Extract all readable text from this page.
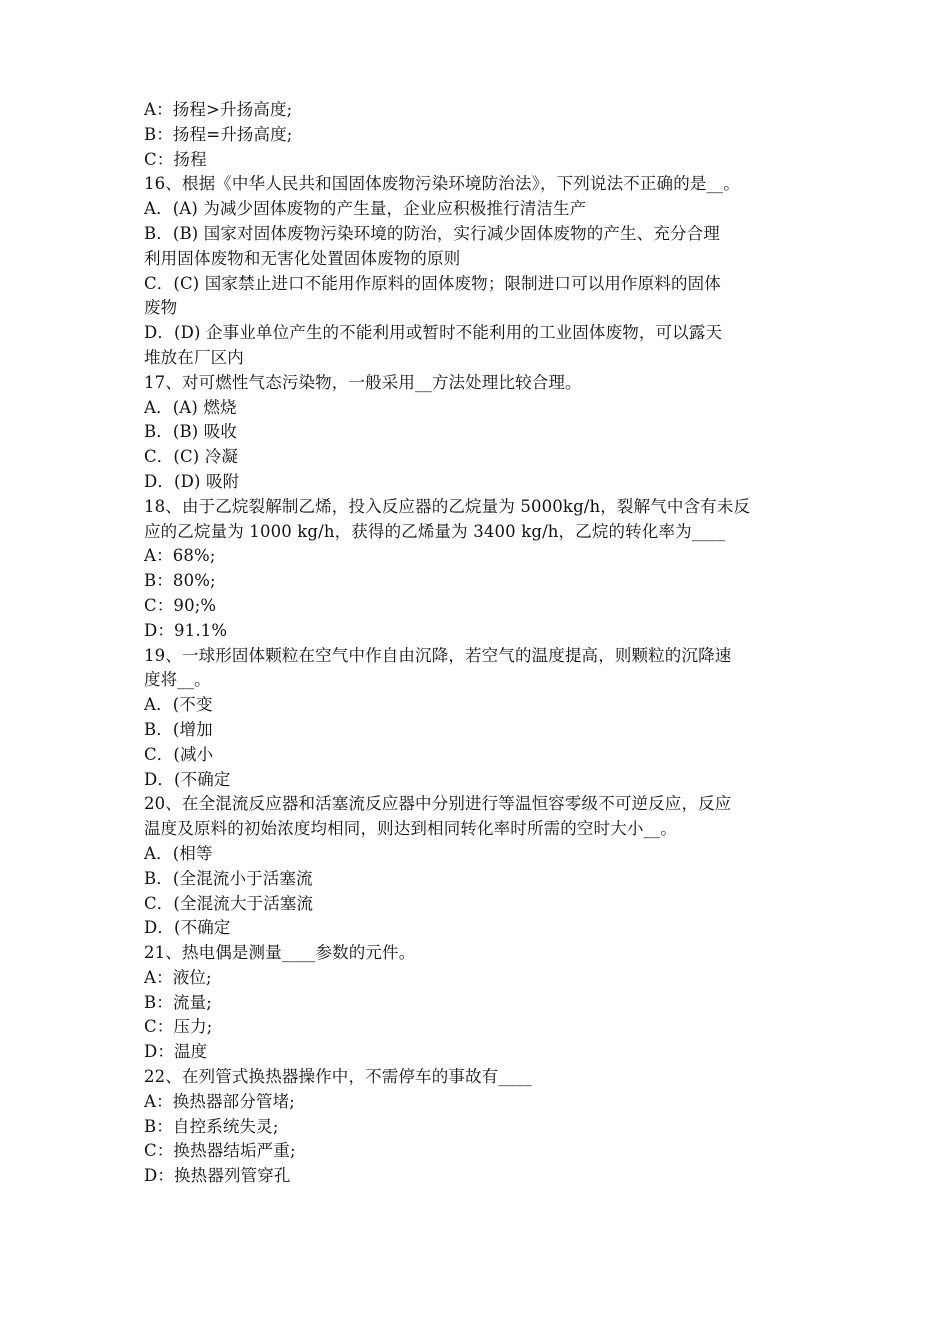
A：扬程>升扬高度;
B：扬程=升扬高度;
C：扬程
16、根据《中华人民共和国固体废物污染环境防治法》，下列说法不正确的是__。
A．(A) 为减少固体废物的产生量，企业应积极推行清洁生产
B．(B) 国家对固体废物污染环境的防治，实行减少固体废物的产生、充分合理
利用固体废物和无害化处置固体废物的原则
C．(C) 国家禁止进口不能用作原料的固体废物；限制进口可以用作原料的固体
废物
D．(D) 企事业单位产生的不能利用或暂时不能利用的工业固体废物，可以露天
堆放在厂区内
17、对可燃性气态污染物，一般采用__方法处理比较合理。
A．(A) 燃烧
B．(B) 吸收
C．(C) 冷凝
D．(D) 吸附
18、由于乙烷裂解制乙烯，投入反应器的乙烷量为 5000kg/h，裂解气中含有未反
应的乙烷量为 1000 kg/h，获得的乙烯量为 3400 kg/h，乙烷的转化率为____
A：68%;
B：80%;
C：90;%
D：91.1%
19、一球形固体颗粒在空气中作自由沉降，若空气的温度提高，则颗粒的沉降速
度将__。
A．(不变
B．(增加
C．(减小
D．(不确定
20、在全混流反应器和活塞流反应器中分别进行等温恒容零级不可逆反应，反应
温度及原料的初始浓度均相同，则达到相同转化率时所需的空时大小__。
A．(相等
B．(全混流小于活塞流
C．(全混流大于活塞流
D．(不确定
21、热电偶是测量____参数的元件。
A：液位;
B：流量;
C：压力;
D：温度
22、在列管式换热器操作中，不需停车的事故有____
A：换热器部分管堵;
B：自控系统失灵;
C：换热器结垢严重;
D：换热器列管穿孔
